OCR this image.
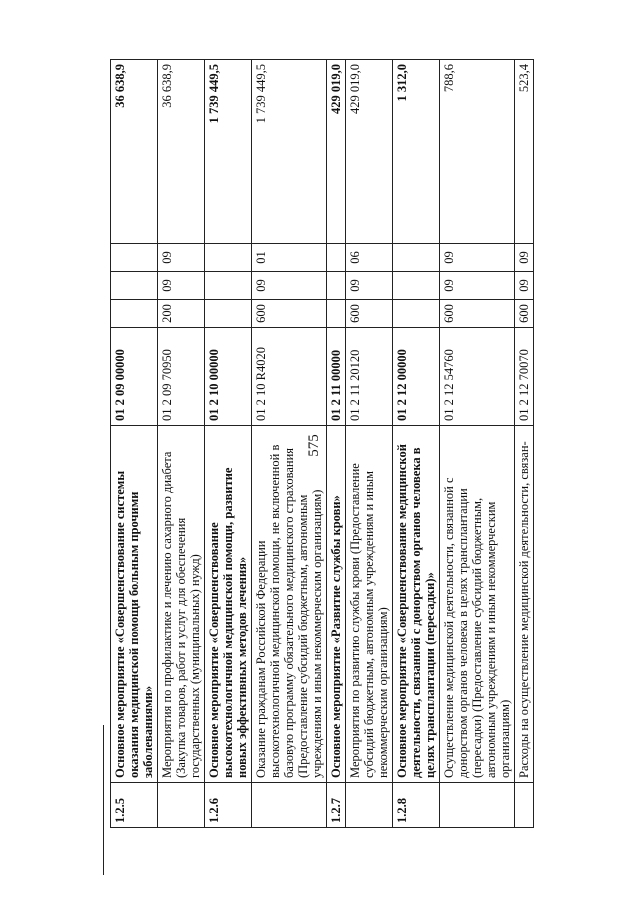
575
1.2.5	Основное мероприятие «Совершенствование системы оказания медицинской помощи больным прочими заболеваниями»	01 2 09 00000				36 638,9
	Мероприятия по профилактике и лечению сахарного диабета (Закупка товаров, работ и услуг для обеспечения государственных (муниципальных) нужд)	01 2 09 70950	200	09	09	36 638,9
1.2.6	Основное мероприятие «Совершенствование высокотехнологичной медицинской помощи, развитие новых эффективных методов лечения»	01 2 10 00000				1 739 449,5
	Оказание гражданам Российской Федерации высокотехнологичной медицинской помощи, не включенной в базовую программу обязательного медицинского страхования (Предоставление субсидий бюджетным, автономным учреждениям и иным некоммерческим организациям)	01 2 10 R4020	600	09	01	1 739 449,5
1.2.7	Основное мероприятие «Развитие службы крови»	01 2 11 00000				429 019,0
	Мероприятия по развитию службы крови (Предоставление субсидий бюджетным, автономным учреждениям и иным некоммерческим организациям)	01 2 11 20120	600	09	06	429 019,0
1.2.8	Основное мероприятие «Совершенствование медицинской деятельности, связанной с донорством органов человека в целях трансплантации (пересадки)»	01 2 12 00000				1 312,0
	Осуществление медицинской деятельности, связанной с донорством органов человека в целях трансплантации (пересадки) (Предоставление субсидий бюджетным, автономным учреждениям и иным некоммерческим организациям)	01 2 12 54760	600	09	09	788,6
	Расходы на осуществление медицинской деятельности, связан-	01 2 12 70070	600	09	09	523,4
